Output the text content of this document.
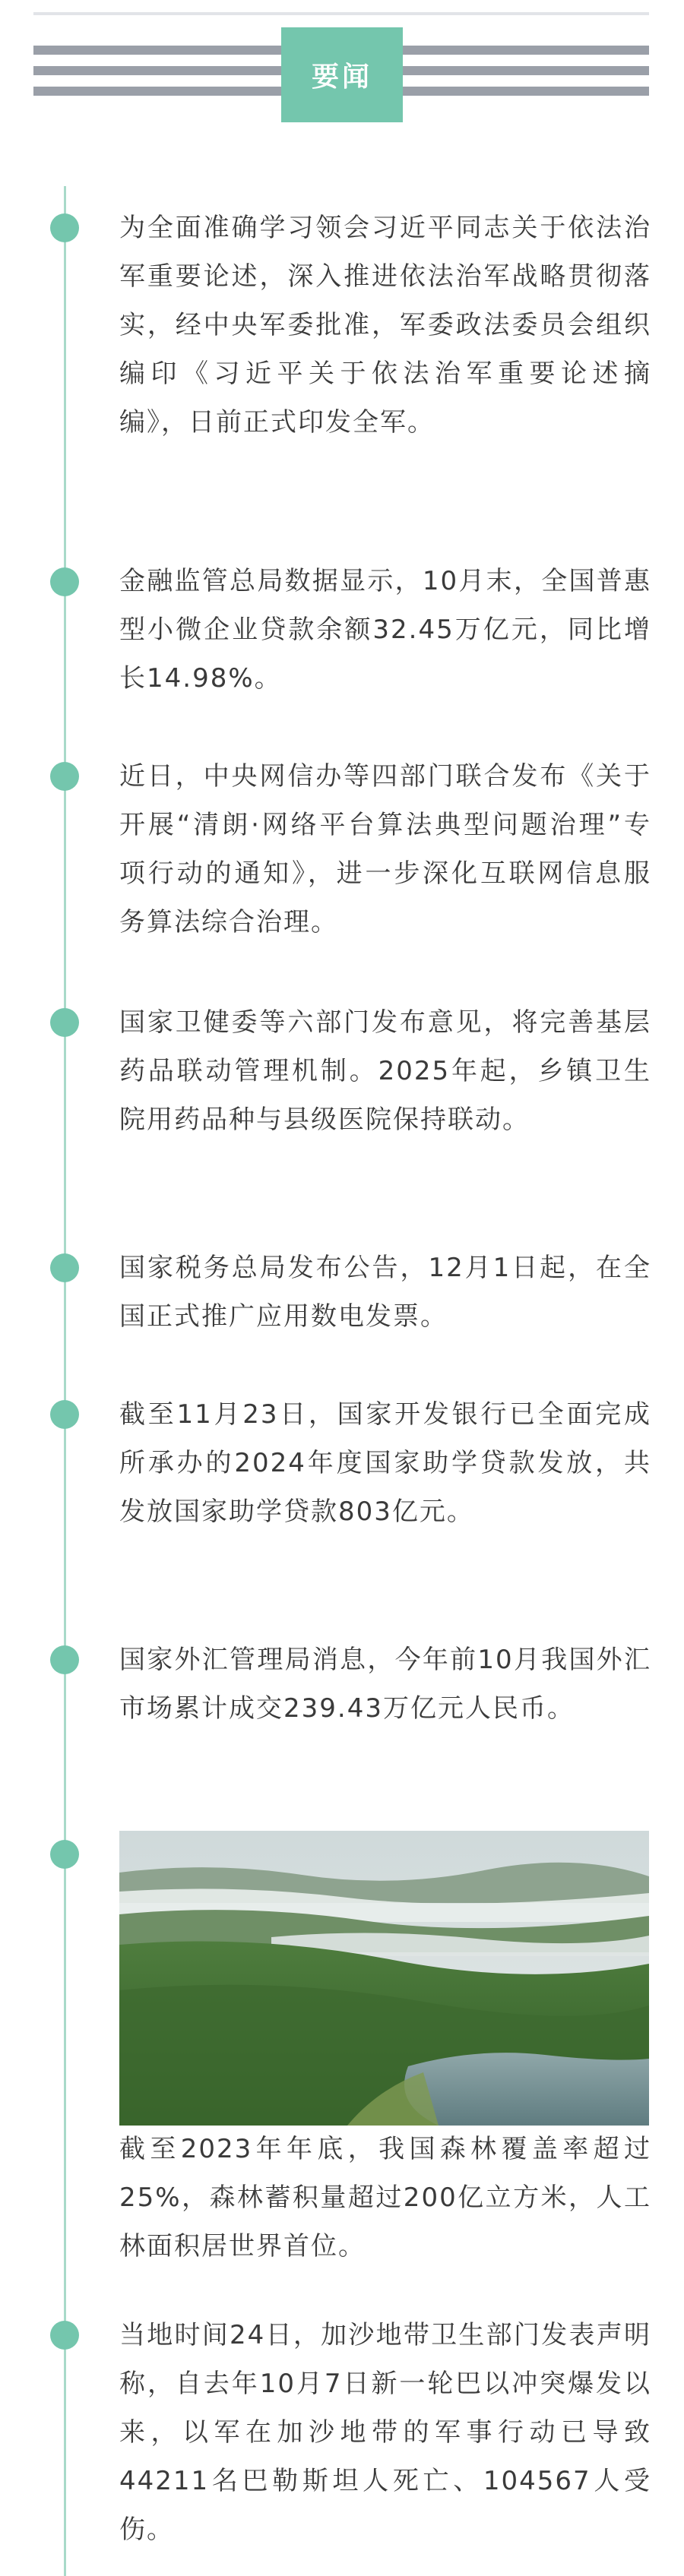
要闻
为全面准确学习领会习近平同志关于依法治军重要论述，深入推进依法治军战略贯彻落实，经中央军委批准，军委政法委员会组织编印《习近平关于依法治军重要论述摘编》，日前正式印发全军。
金融监管总局数据显示，10月末，全国普惠型小微企业贷款余额32.45万亿元，同比增长14.98%。
近日，中央网信办等四部门联合发布《关于开展“清朗·网络平台算法典型问题治理”专项行动的通知》，进一步深化互联网信息服务算法综合治理。
国家卫健委等六部门发布意见，将完善基层药品联动管理机制。2025年起，乡镇卫生院用药品种与县级医院保持联动。
国家税务总局发布公告，12月1日起，在全国正式推广应用数电发票。
截至11月23日，国家开发银行已全面完成所承办的2024年度国家助学贷款发放，共发放国家助学贷款803亿元。
国家外汇管理局消息，今年前10月我国外汇市场累计成交239.43万亿元人民币。
截至2023年年底，我国森林覆盖率超过25%，森林蓄积量超过200亿立方米，人工林面积居世界首位。
当地时间24日，加沙地带卫生部门发表声明称，自去年10月7日新一轮巴以冲突爆发以来，以军在加沙地带的军事行动已导致44211名巴勒斯坦人死亡、104567人受伤。
